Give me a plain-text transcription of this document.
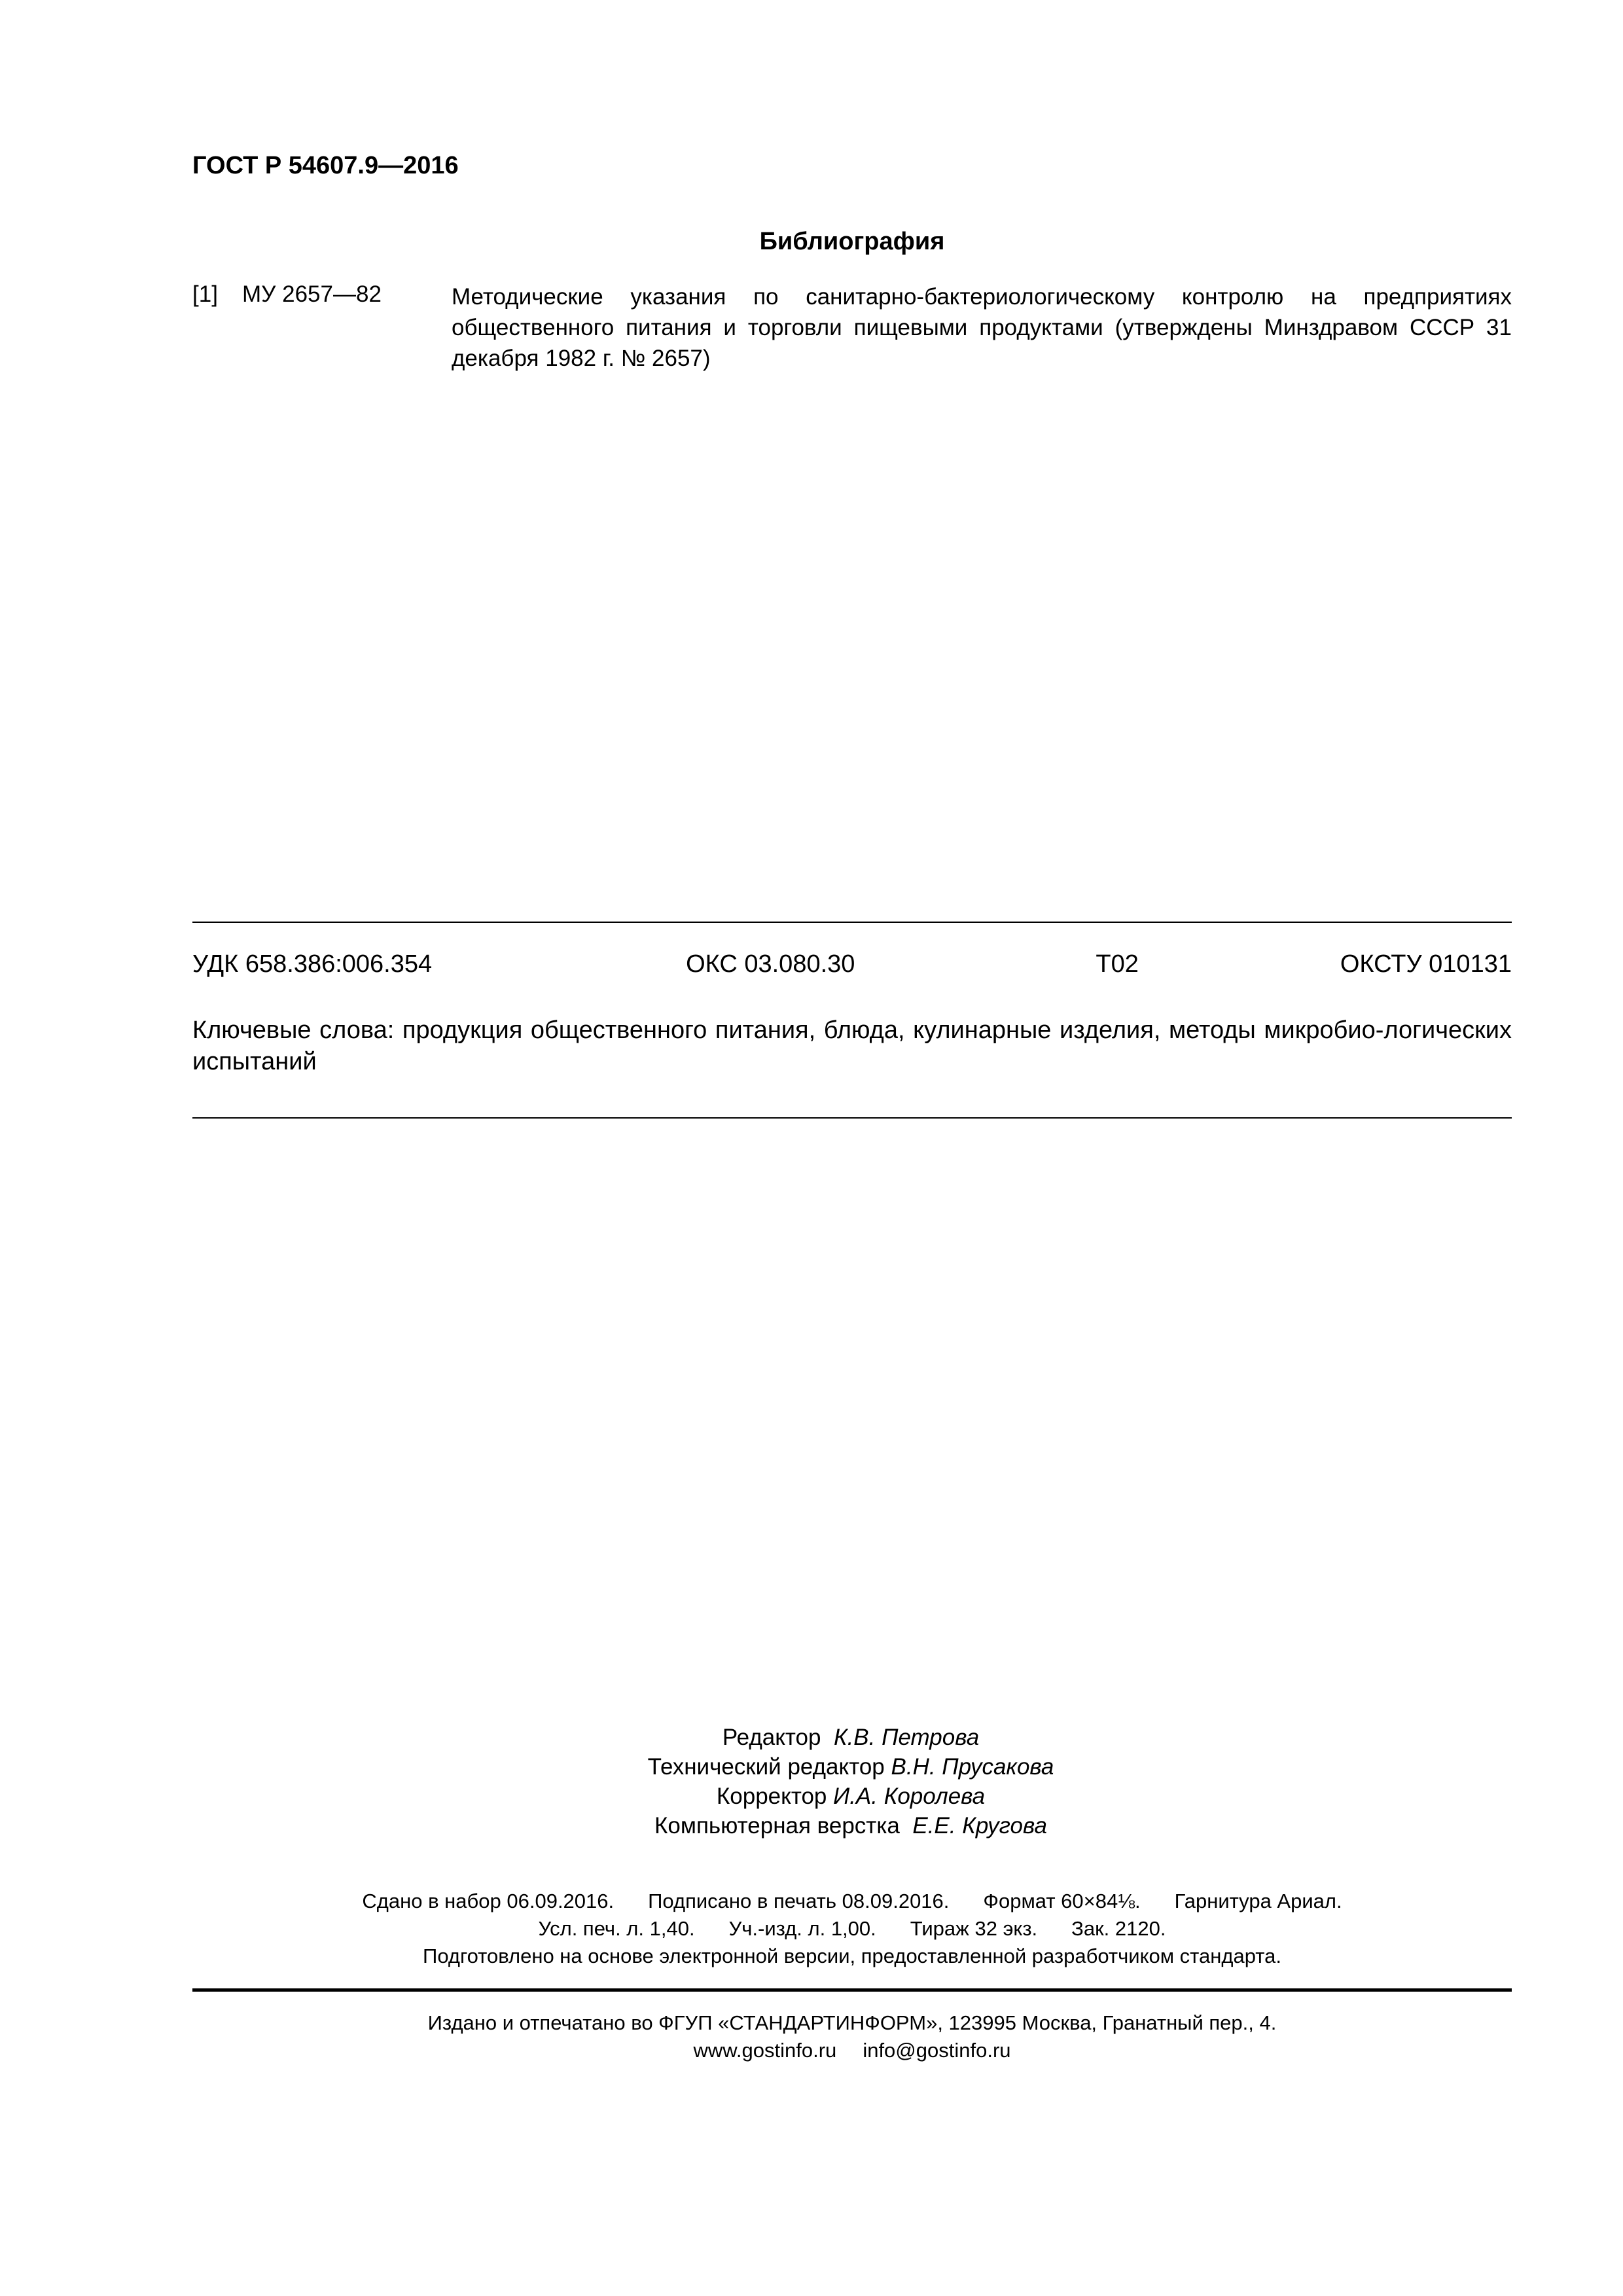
ГОСТ Р 54607.9—2016
Библиография
[1] МУ 2657—82	Методические указания по санитарно-бактериологическому контролю на предприятиях общественного питания и торговли пищевыми продуктами (утверждены Минздравом СССР 31 декабря 1982 г. № 2657)
УДК 658.386:006.354	ОКС 03.080.30	Т02	ОКСТУ 010131
Ключевые слова: продукция общественного питания, блюда, кулинарные изделия, методы микробио-логических испытаний
Редактор К.В. Петрова
Технический редактор В.Н. Прусакова
Корректор И.А. Королева
Компьютерная верстка Е.Е. Кругова
Сдано в набор 06.09.2016. Подписано в печать 08.09.2016. Формат 60×84⅛. Гарнитура Ариал.
Усл. печ. л. 1,40. Уч.-изд. л. 1,00. Тираж 32 экз. Зак. 2120.
Подготовлено на основе электронной версии, предоставленной разработчиком стандарта.
Издано и отпечатано во ФГУП «СТАНДАРТИНФОРМ», 123995 Москва, Гранатный пер., 4.
www.gostinfo.ru info@gostinfo.ru
